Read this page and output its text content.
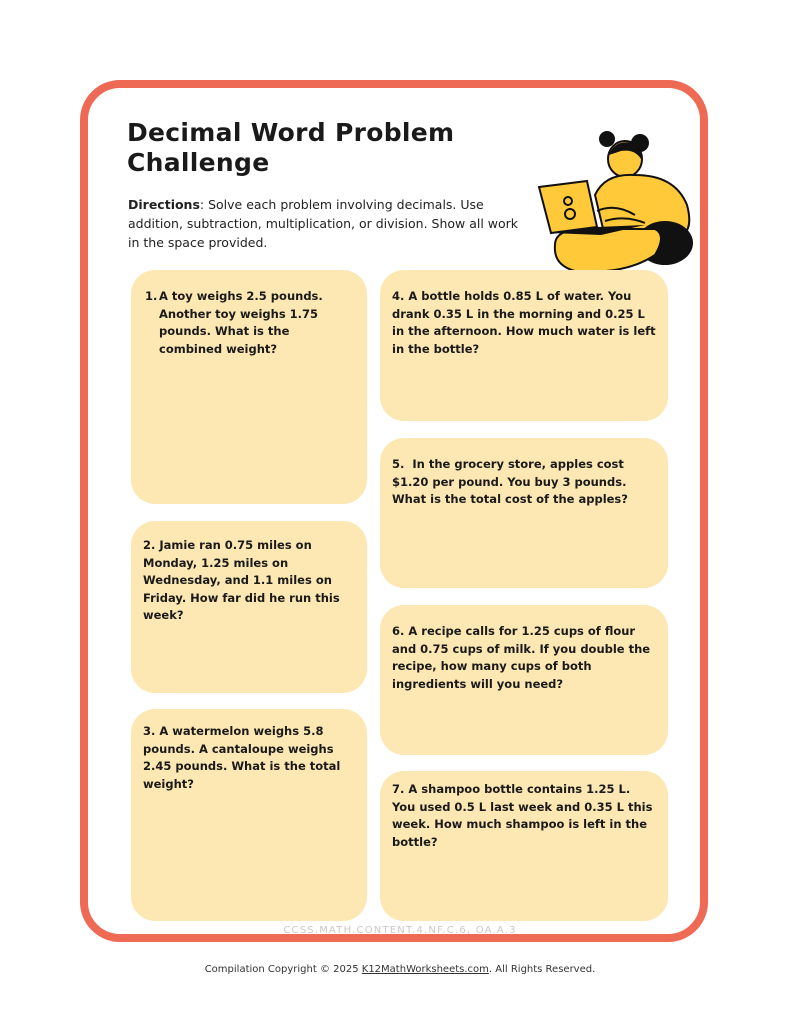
Decimal Word Problem
Challenge
Directions: Solve each problem involving decimals. Use addition, subtraction, multiplication, or division. Show all work in the space provided.
1. A toy weighs 2.5 pounds. Another toy weighs 1.75 pounds. What is the combined weight?
2. Jamie ran 0.75 miles on Monday, 1.25 miles on Wednesday, and 1.1 miles on Friday. How far did he run this week?
3. A watermelon weighs 5.8 pounds. A cantaloupe weighs 2.45 pounds. What is the total weight?
4. A bottle holds 0.85 L of water. You drank 0.35 L in the morning and 0.25 L in the afternoon. How much water is left in the bottle?
5. In the grocery store, apples cost $1.20 per pound. You buy 3 pounds. What is the total cost of the apples?
6. A recipe calls for 1.25 cups of flour and 0.75 cups of milk. If you double the recipe, how many cups of both ingredients will you need?
7. A shampoo bottle contains 1.25 L. You used 0.5 L last week and 0.35 L this week. How much shampoo is left in the bottle?
CCSS.MATH.CONTENT.4.NF.C.6, OA.A.3
Compilation Copyright © 2025 K12MathWorksheets.com. All Rights Reserved.
